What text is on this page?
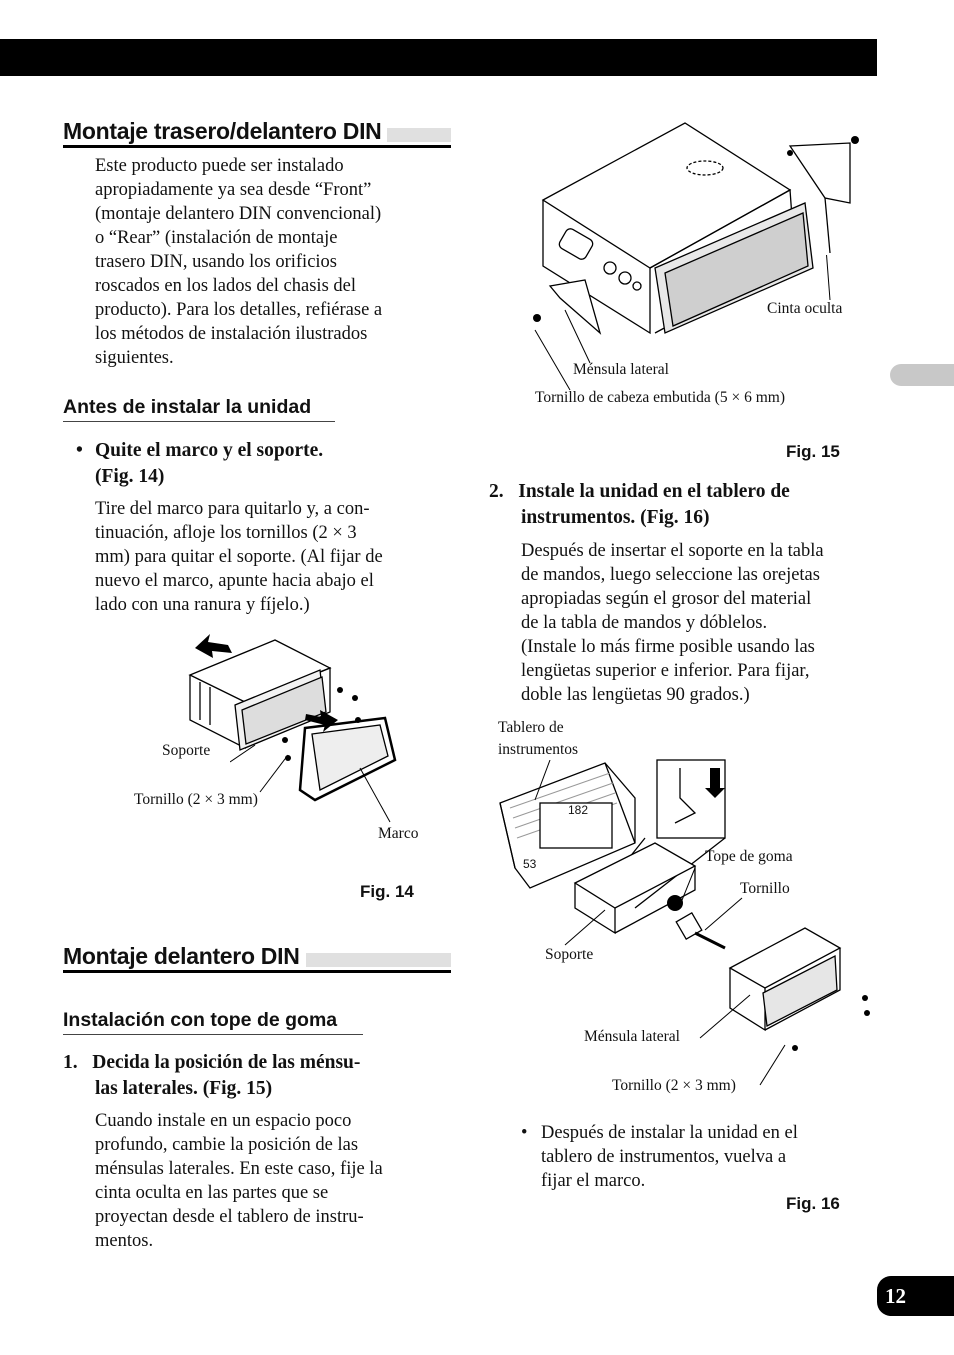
12
Montaje trasero/delantero DIN
Este producto puede ser instalado
apropiadamente ya sea desde “Front”
(montaje delantero DIN convencional)
o “Rear” (instalación de montaje
trasero DIN, usando los orificios
roscados en los lados del chasis del
producto). Para los detalles, refiérase a
los métodos de instalación ilustrados
siguientes.
Antes de instalar la unidad
• Quite el marco y el soporte.
(Fig. 14)
Tire del marco para quitarlo y, a con-
tinuación, afloje los tornillos (2 × 3
mm) para quitar el soporte. (Al fijar de
nuevo el marco, apunte hacia abajo el
lado con una ranura y fíjelo.)
Soporte
Tornillo (2 × 3 mm)
Marco
Fig. 14
Montaje delantero DIN
Instalación con tope de goma
1.   Decida la posición de las ménsu-
las laterales. (Fig. 15)
Cuando instale en un espacio poco
profundo, cambie la posición de las
ménsulas laterales. En este caso, fije la
cinta oculta en las partes que se
proyectan desde el tablero de instru-
mentos.
Cinta oculta
Ménsula lateral
Tornillo de cabeza embutida (5 × 6 mm)
Fig. 15
2.   Instale la unidad en el tablero de
instrumentos. (Fig. 16)
Después de insertar el soporte en la tabla
de mandos, luego seleccione las orejetas
apropiadas según el grosor del material
de la tabla de mandos y dóblelos.
(Instale lo más firme posible usando las
lengüetas superior e inferior. Para fijar,
doble las lengüetas 90 grados.)
Tablero de
instrumentos
182
53	Tope de goma
Tornillo
Soporte
Ménsula lateral
Tornillo (2 × 3 mm)
• Después de instalar la unidad en el
tablero de instrumentos, vuelva a
fijar el marco.
Fig. 16
